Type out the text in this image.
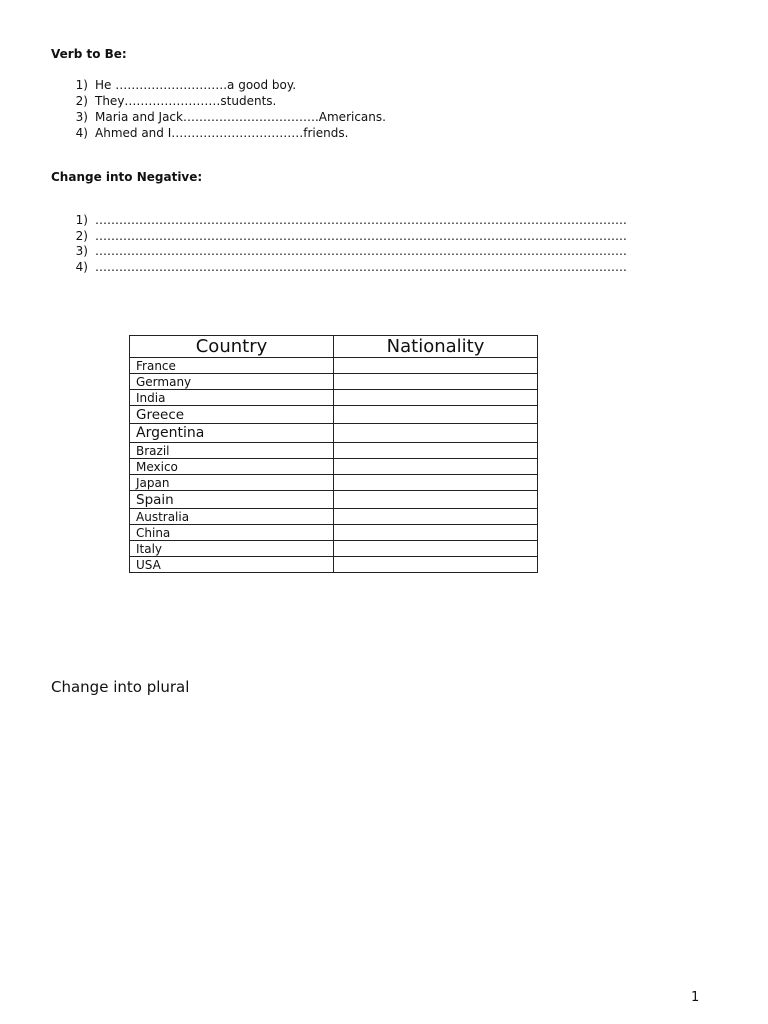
Verb to Be:
1) He ……………………….a good boy.
2) They……………………students.
3) Maria and Jack…………………………….Americans.
4) Ahmed and I……………………………friends.
Change into Negative:
1) …………………………………………………………………………………………………………………….
2) …………………………………………………………………………………………………………………….
3) …………………………………………………………………………………………………………………….
4) …………………………………………………………………………………………………………………….
Country	Nationality
France	
Germany	
India	
Greece	
Argentina	
Brazil	
Mexico	
Japan	
Spain	
Australia	
China	
Italy	
USA	
Change into plural
1
